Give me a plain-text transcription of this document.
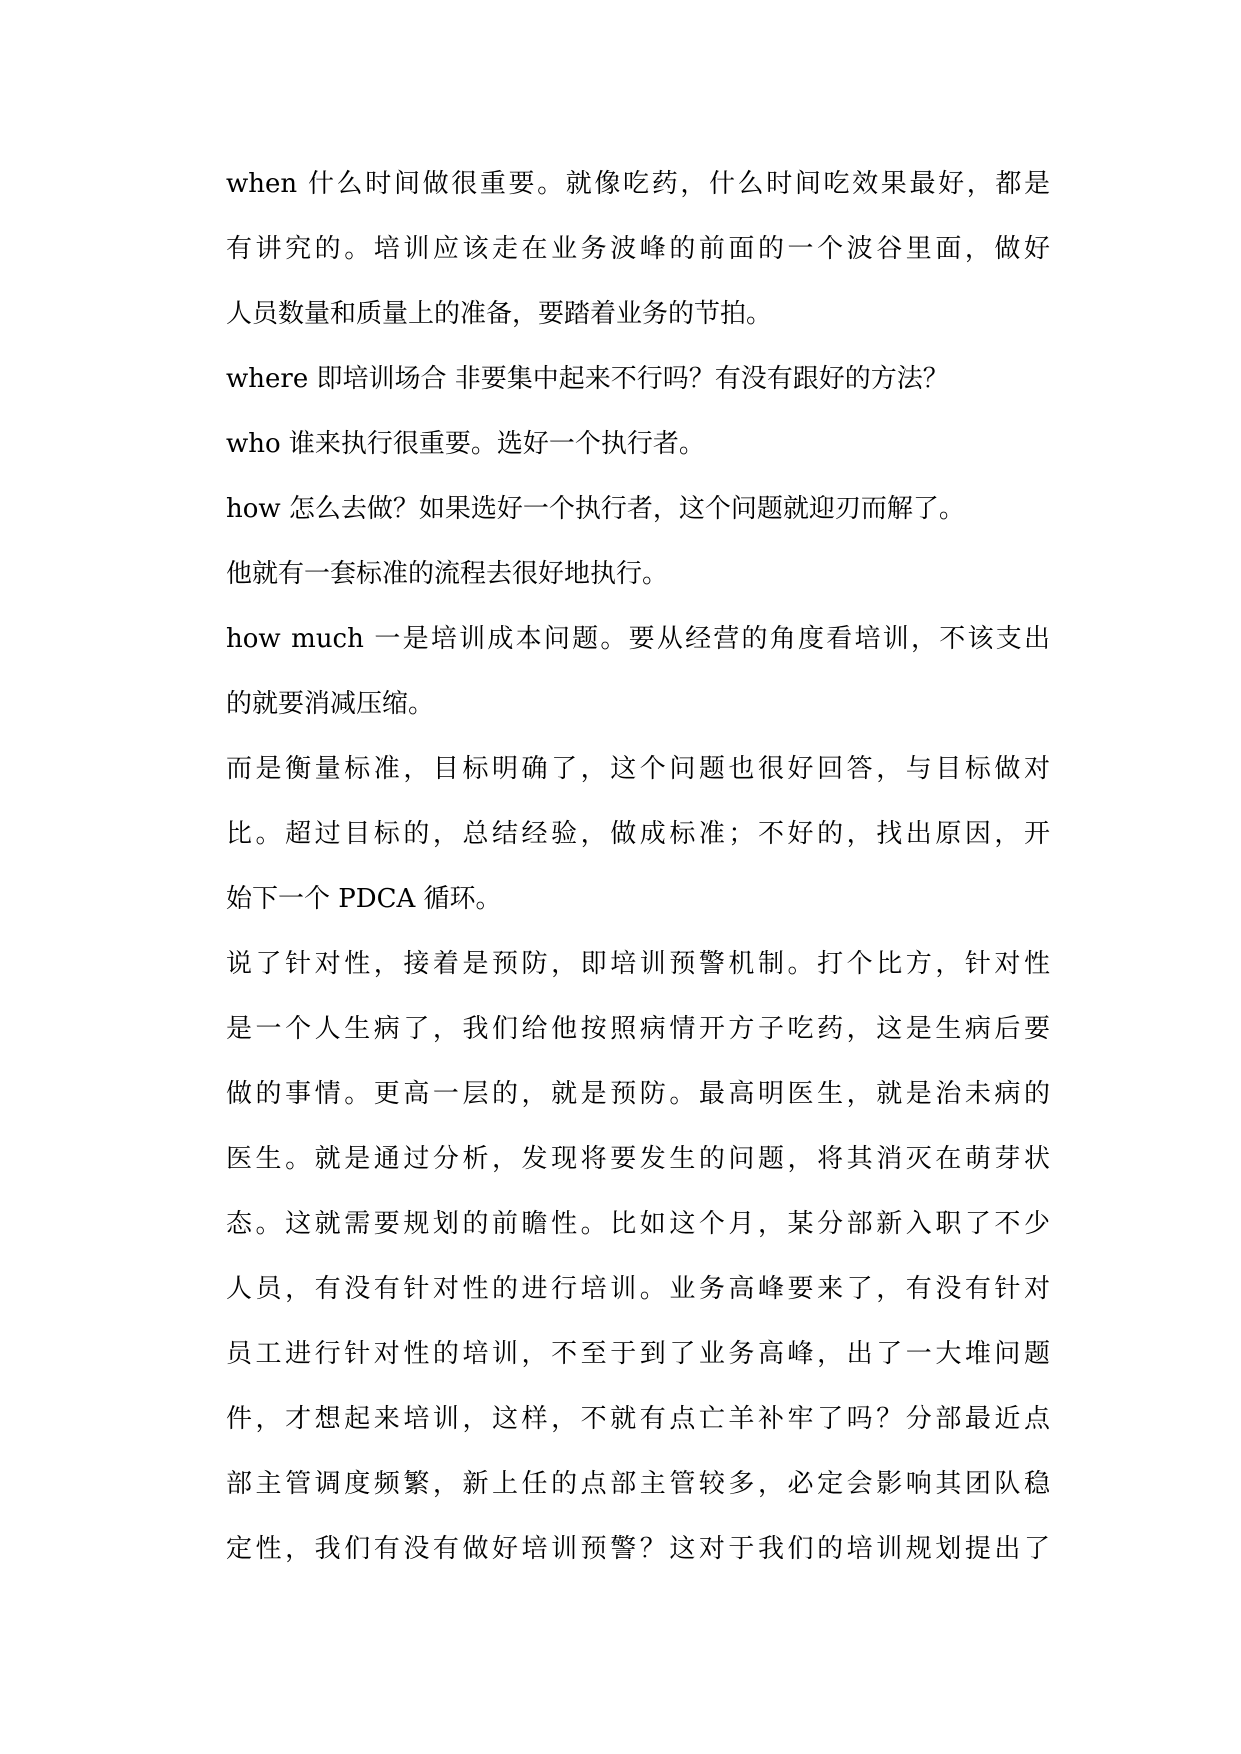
when 什么时间做很重要。就像吃药，什么时间吃效果最好，都是
有讲究的。培训应该走在业务波峰的前面的一个波谷里面，做好
人员数量和质量上的准备，要踏着业务的节拍。
where 即培训场合 非要集中起来不行吗？有没有跟好的方法？
who 谁来执行很重要。选好一个执行者。
how 怎么去做？如果选好一个执行者，这个问题就迎刃而解了。
他就有一套标准的流程去很好地执行。
how much 一是培训成本问题。要从经营的角度看培训，不该支出
的就要消减压缩。
而是衡量标准，目标明确了，这个问题也很好回答，与目标做对
比。超过目标的，总结经验，做成标准；不好的，找出原因，开
始下一个 PDCA 循环。
说了针对性，接着是预防，即培训预警机制。打个比方，针对性
是一个人生病了，我们给他按照病情开方子吃药，这是生病后要
做的事情。更高一层的，就是预防。最高明医生，就是治未病的
医生。就是通过分析，发现将要发生的问题，将其消灭在萌芽状
态。这就需要规划的前瞻性。比如这个月，某分部新入职了不少
人员，有没有针对性的进行培训。业务高峰要来了，有没有针对
员工进行针对性的培训，不至于到了业务高峰，出了一大堆问题
件，才想起来培训，这样，不就有点亡羊补牢了吗？分部最近点
部主管调度频繁，新上任的点部主管较多，必定会影响其团队稳
定性，我们有没有做好培训预警？这对于我们的培训规划提出了
